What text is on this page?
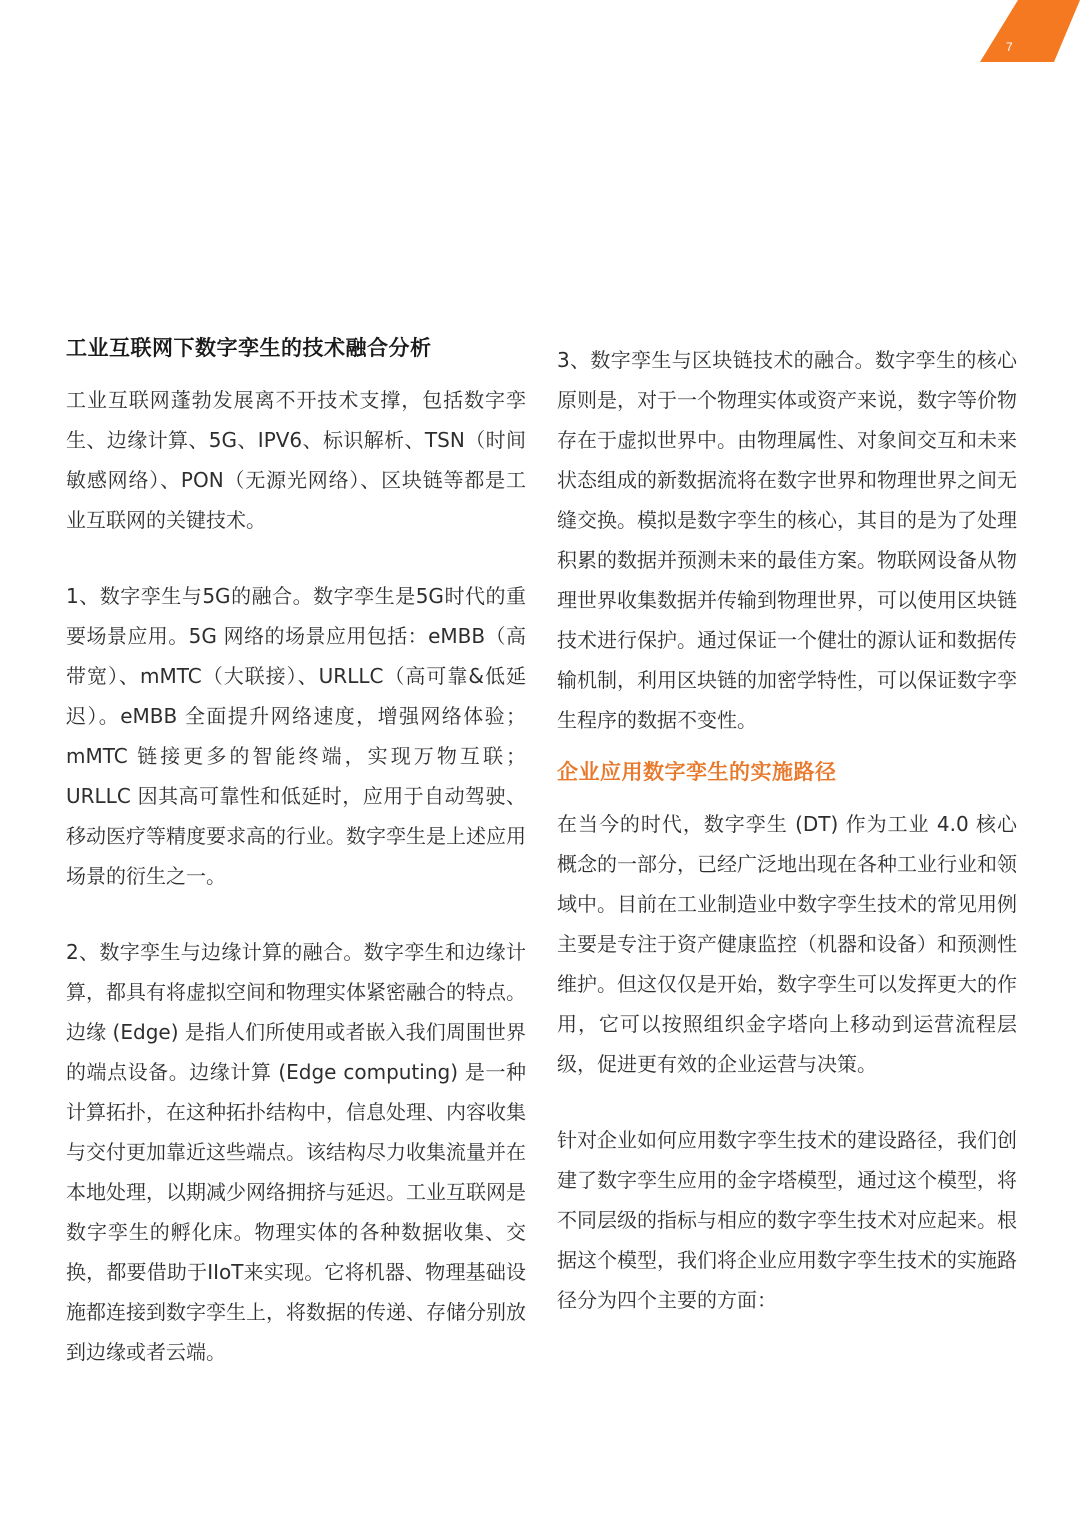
7
工业互联网下数字孪生的技术融合分析

工业互联网蓬勃发展离不开技术支撑，包括数字孪生、边缘计算、5G、IPV6、标识解析、TSN（时间敏感网络）、PON（无源光网络）、区块链等都是工业互联网的关键技术。

1、数字孪生与5G的融合。数字孪生是5G时代的重要场景应用。5G 网络的场景应用包括：eMBB（高带宽）、mMTC（大联接）、URLLC（高可靠&低延迟）。eMBB 全面提升网络速度，增强网络体验；mMTC 链接更多的智能终端，实现万物互联；URLLC 因其高可靠性和低延时，应用于自动驾驶、移动医疗等精度要求高的行业。数字孪生是上述应用场景的衍生之一。

2、数字孪生与边缘计算的融合。数字孪生和边缘计算，都具有将虚拟空间和物理实体紧密融合的特点。边缘 (Edge) 是指人们所使用或者嵌入我们周围世界的端点设备。边缘计算 (Edge computing) 是一种计算拓扑，在这种拓扑结构中，信息处理、内容收集与交付更加靠近这些端点。该结构尽力收集流量并在本地处理，以期减少网络拥挤与延迟。工业互联网是数字孪生的孵化床。物理实体的各种数据收集、交换，都要借助于IIoT来实现。它将机器、物理基础设施都连接到数字孪生上，将数据的传递、存储分别放到边缘或者云端。

3、数字孪生与区块链技术的融合。数字孪生的核心原则是，对于一个物理实体或资产来说，数字等价物存在于虚拟世界中。由物理属性、对象间交互和未来状态组成的新数据流将在数字世界和物理世界之间无缝交换。模拟是数字孪生的核心，其目的是为了处理积累的数据并预测未来的最佳方案。物联网设备从物理世界收集数据并传输到物理世界，可以使用区块链技术进行保护。通过保证一个健壮的源认证和数据传输机制，利用区块链的加密学特性，可以保证数字孪生程序的数据不变性。

企业应用数字孪生的实施路径

在当今的时代，数字孪生 (DT) 作为工业 4.0 核心概念的一部分，已经广泛地出现在各种工业行业和领域中。目前在工业制造业中数字孪生技术的常见用例主要是专注于资产健康监控（机器和设备）和预测性维护。但这仅仅是开始，数字孪生可以发挥更大的作用，它可以按照组织金字塔向上移动到运营流程层级，促进更有效的企业运营与决策。

针对企业如何应用数字孪生技术的建设路径，我们创建了数字孪生应用的金字塔模型，通过这个模型，将不同层级的指标与相应的数字孪生技术对应起来。根据这个模型，我们将企业应用数字孪生技术的实施路径分为四个主要的方面：
